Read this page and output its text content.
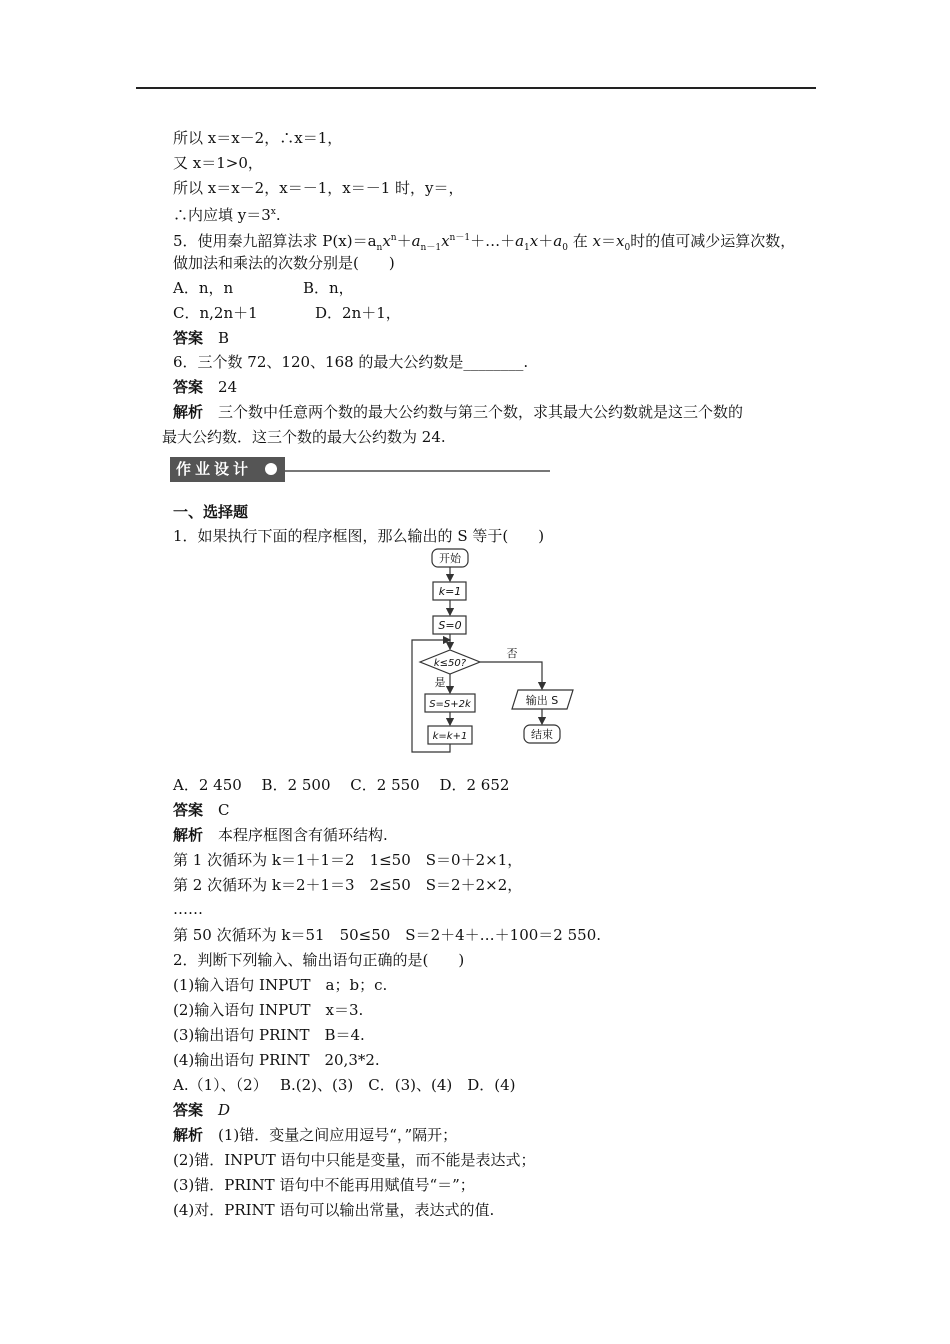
所以 x＝x－2，∴x＝1，
又 x＝1>0，
所以 x＝x－2，x＝－1，x＝－1 时，y＝，
∴内应填 $y=3^x$.
5．使用秦九韶算法求 $P(x)=a_nx^n+a_{n-1}x^{n-1}+\dots+a_1x+a_0$ 在 $x=x_0$时的值可减少运算次数，
做加法和乘法的次数分别是(　　)
A．n，n	B．n，
C．n,2n＋1	D．2n＋1，
答案　 B
6．三个数 72、120、168 的最大公约数是________.
答案　 24
解析　 三个数中任意两个数的最大公约数与第三个数，求其最大公约数就是这三个数的
最大公约数．这三个数的最大公约数为 24.
作业设计
一、选择题
1．如果执行下面的程序框图，那么输出的 S 等于(　　)
开始
k=1
S=0
k≤50?
否
是
S=S+2k
k=k+1
输出 S
结束
A．2 450　 B．2 500　 C．2 550　 D．2 652
答案　 C
解析　 本程序框图含有循环结构.
第 1 次循环为 k＝1＋1＝2　1≤50　S＝0＋2×1，
第 2 次循环为 k＝2＋1＝3　2≤50　S＝2＋2×2，
……
第 50 次循环为 k＝51　50≤50　S＝2＋4＋…＋100＝2 550.
2．判断下列输入、输出语句正确的是(　　)
(1)输入语句 INPUT　a；b；c.
(2)输入语句 INPUT　x＝3.
(3)输出语句 PRINT　B＝4.
(4)输出语句 PRINT　20,3*2.
A.（1）、（2）　 B.(2)、(3)　C．(3)、(4)　D．(4)
答案　 D
解析　 (1)错．变量之间应用逗号“，”隔开；
(2)错．INPUT 语句中只能是变量，而不能是表达式；
(3)错．PRINT 语句中不能再用赋值号“＝”；
(4)对．PRINT 语句可以输出常量，表达式的值.
